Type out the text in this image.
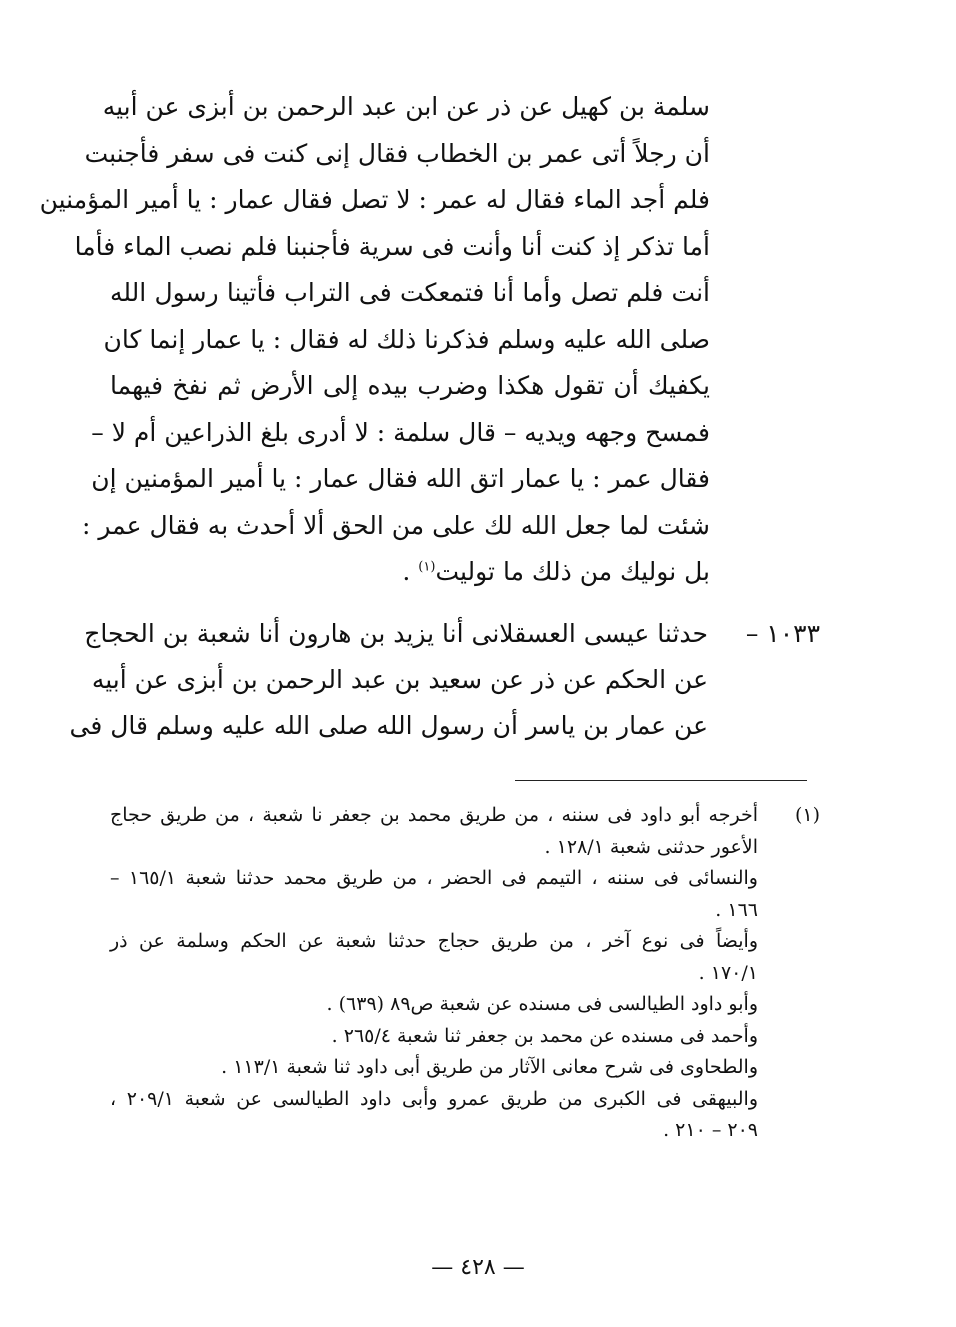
سلمة بن كهيل عن ذر عن ابن عبد الرحمن بن أبزى عن أبيه
أن رجلاً أتى عمر بن الخطاب فقال إنى كنت فى سفر فأجنبت
فلم أجد الماء فقال له عمر : لا تصل فقال عمار : يا أمير المؤمنين
أما تذكر إذ كنت أنا وأنت فى سرية فأجنبنا فلم نصب الماء فأما
أنت فلم تصل وأما أنا فتمعكت فى التراب فأتينا رسول الله
صلى الله عليه وسلم فذكرنا ذلك له فقال : يا عمار إنما كان
يكفيك أن تقول هكذا وضرب بيده إلى الأرض ثم نفخ فيهما
فمسح وجهه ويديه – قال سلمة : لا أدرى بلغ الذراعين أم لا –
فقال عمر : يا عمار اتق الله فقال عمار : يا أمير المؤمنين إن
شئت لما جعل الله لك على من الحق ألا أحدث به فقال عمر :
بل نوليك من ذلك ما توليت$^{(١)}$ .
١٠٣٣ –
حدثنا عيسى العسقلانى أنا يزيد بن هارون أنا شعبة بن الحجاج
عن الحكم عن ذر عن سعيد بن عبد الرحمن بن أبزى عن أبيه
عن عمار بن ياسر أن رسول الله صلى الله عليه وسلم قال فى
(١)
أخرجه أبو داود فى سننه ، من طريق محمد بن جعفر نا شعبة ، من طريق حجاج
الأعور حدثنى شعبة ١٢٨/١ .
والنسائى فى سننه ، التيمم فى الحضر ، من طريق محمد حدثنا شعبة ١٦٥/١ –
١٦٦ .
وأيضاً فى نوع آخر ، من طريق حجاج حدثنا شعبة عن الحكم وسلمة عن ذر
١٧٠/١ .
وأبو داود الطيالسى فى مسنده عن شعبة ص٨٩ (٦٣٩) .
وأحمد فى مسنده عن محمد بن جعفر ثنا شعبة ٢٦٥/٤ .
والطحاوى فى شرح معانى الآثار من طريق أبى داود ثنا شعبة ١١٣/١ .
والبيهقى فى الكبرى من طريق عمرو وأبى داود الطيالسى عن شعبة ٢٠٩/١ ،
٢٠٩ – ٢١٠ .
— ٤٢٨ —
